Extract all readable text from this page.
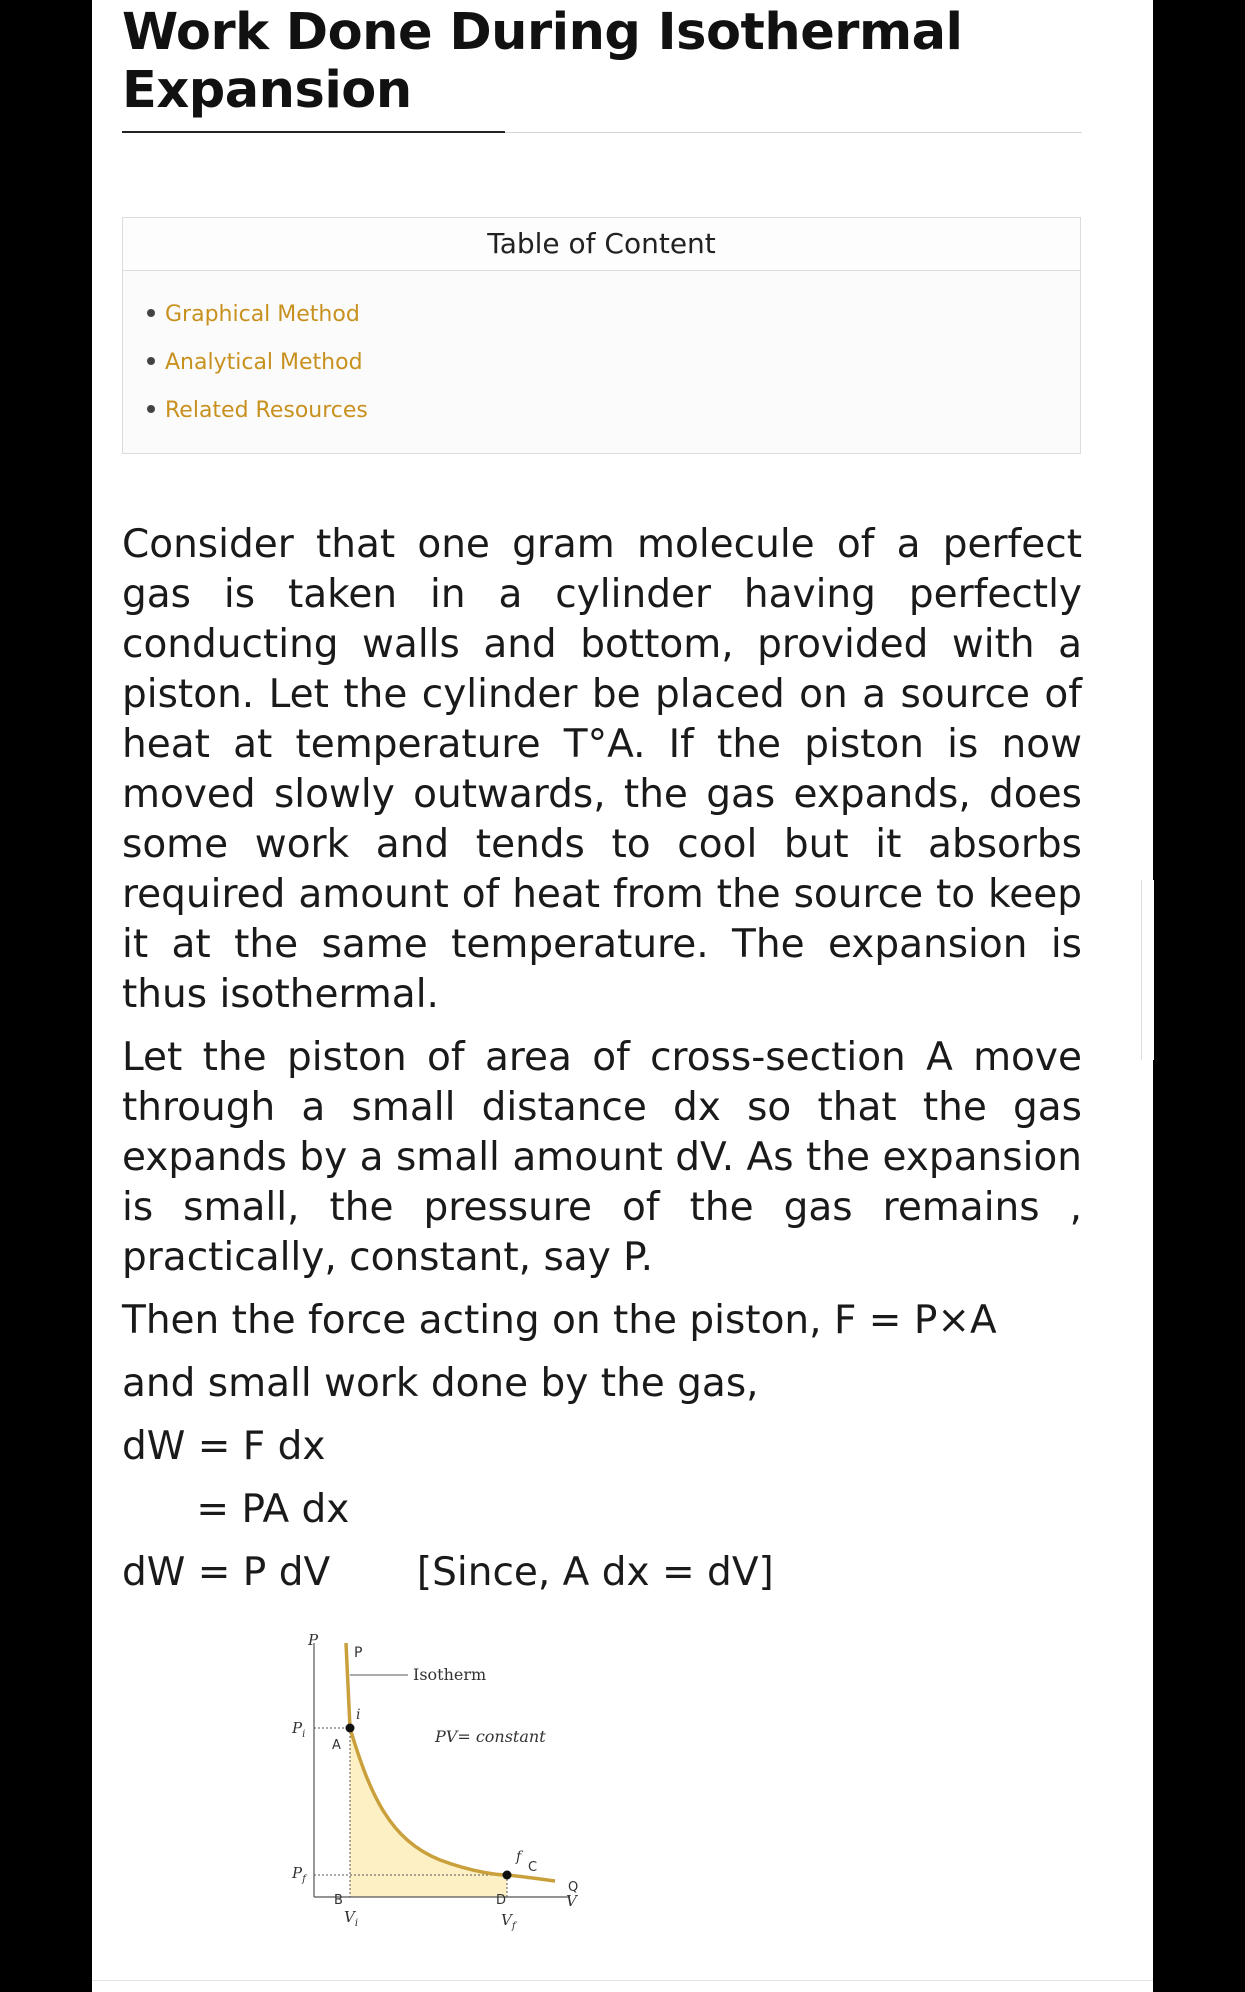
Work Done During Isothermal Expansion
Table of Content
Graphical Method
Analytical Method
Related Resources

Consider that one gram molecule of a perfect gas is taken in a cylinder having perfectly conducting walls and bottom, provided with a piston. Let the cylinder be placed on a source of heat at temperature T°A. If the piston is now moved slowly outwards, the gas expands, does some work and tends to cool but it absorbs required amount of heat from the source to keep it at the same temperature. The expansion is thus isothermal.

Let the piston of area of cross-section A move through a small distance dx so that the gas expands by a small amount dV. As the expansion is small, the pressure of the gas remains , practically, constant, say P.

Then the force acting on the piston, F = P×A

and small work done by the gas,

dW = F dx

= PA dx

dW = P dV       [Since, A dx = dV]

P
P
Isotherm
PV= constant
i
A
$P_i$
$P_f$
f
C
B	D
Q
V
$V_i$	$V_f$
